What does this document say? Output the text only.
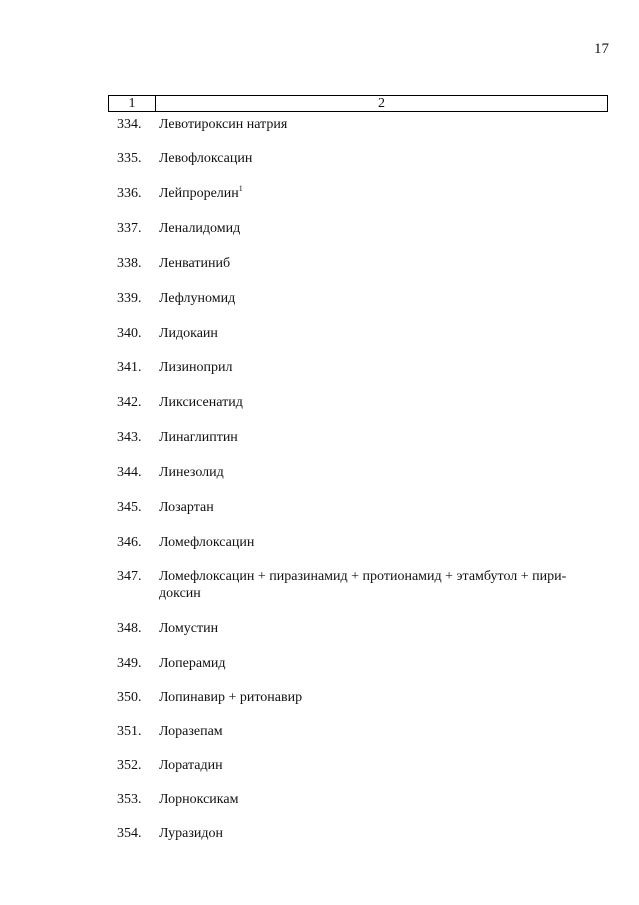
17
1	2
334.	Левотироксин натрия
335.	Левофлоксацин
336.	Лейпрорелин$^1$
337.	Леналидомид
338.	Ленватиниб
339.	Лефлуномид
340.	Лидокаин
341.	Лизиноприл
342.	Ликсисенатид
343.	Линаглиптин
344.	Линезолид
345.	Лозартан
346.	Ломефлоксацин
347.	Ломефлоксацин + пиразинамид + протионамид + этамбутол + пири-
доксин
348.	Ломустин
349.	Лоперамид
350.	Лопинавир + ритонавир
351.	Лоразепам
352.	Лоратадин
353.	Лорноксикам
354.	Луразидон
